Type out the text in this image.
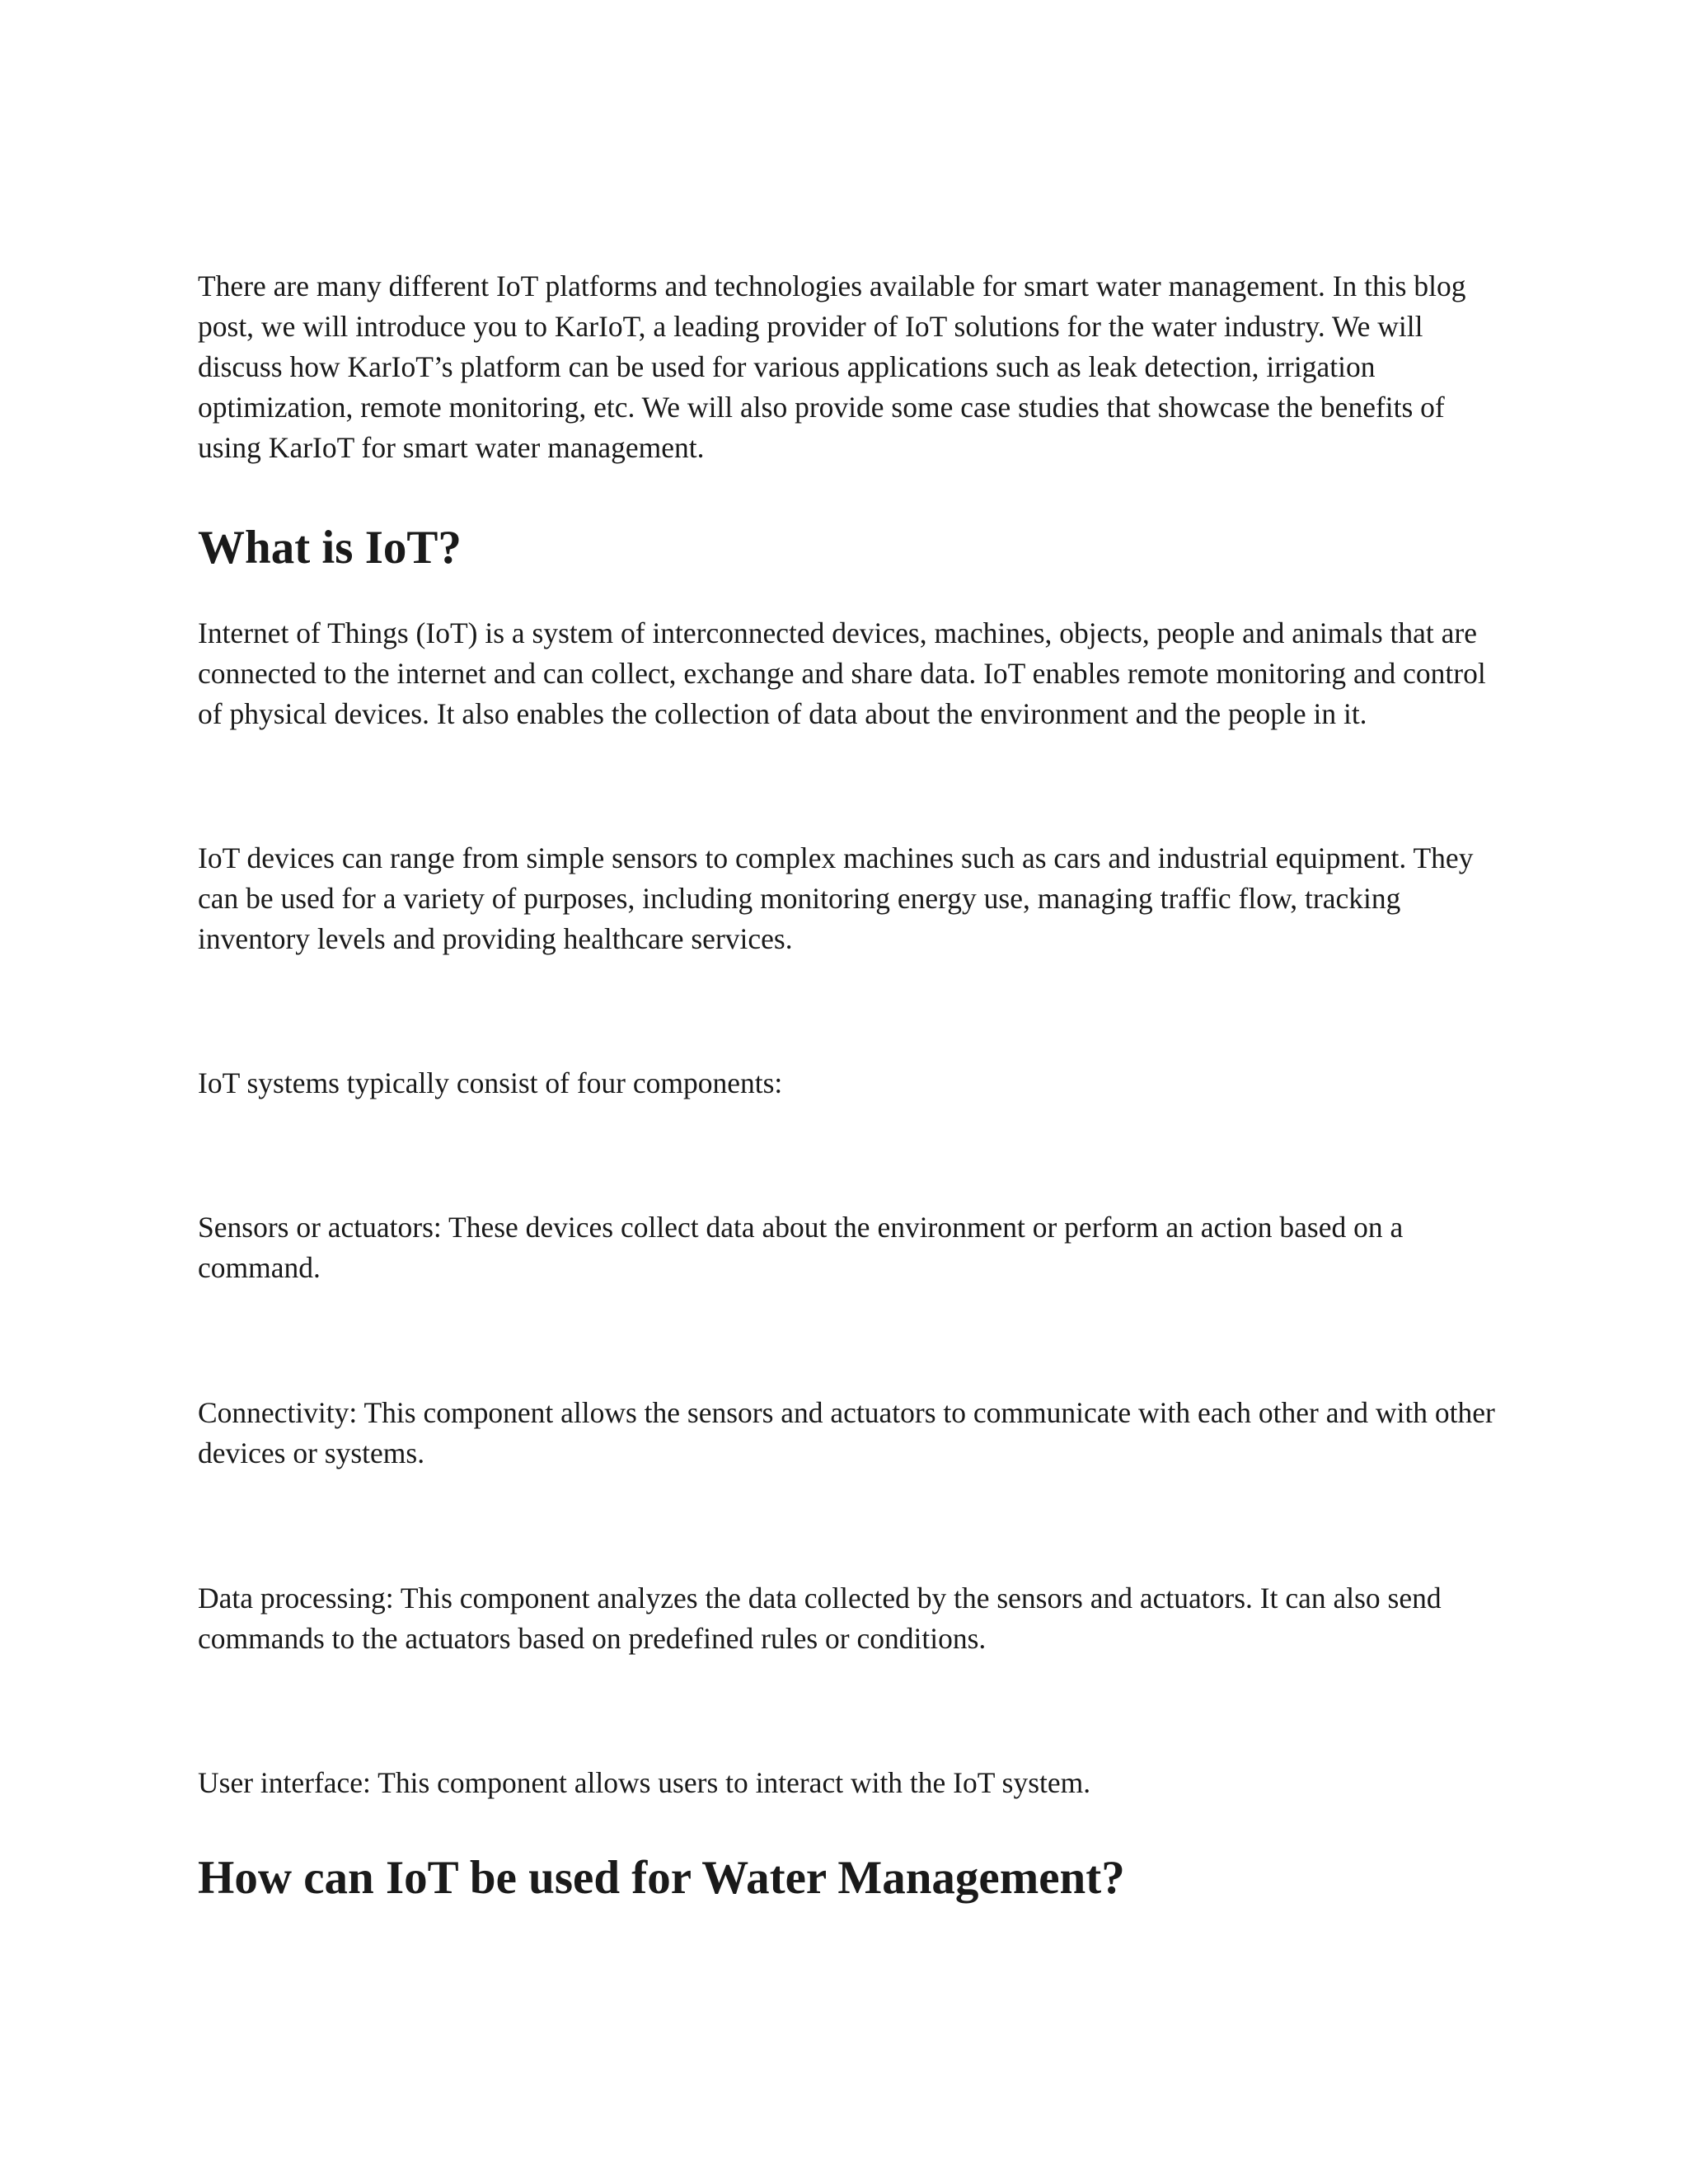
There are many different IoT platforms and technologies available for smart water management. In this blog post, we will introduce you to KarIoT, a leading provider of IoT solutions for the water industry. We will discuss how KarIoT’s platform can be used for various applications such as leak detection, irrigation optimization, remote monitoring, etc. We will also provide some case studies that showcase the benefits of using KarIoT for smart water management.

What is IoT?

Internet of Things (IoT) is a system of interconnected devices, machines, objects, people and animals that are connected to the internet and can collect, exchange and share data. IoT enables remote monitoring and control of physical devices. It also enables the collection of data about the environment and the people in it.

IoT devices can range from simple sensors to complex machines such as cars and industrial equipment. They can be used for a variety of purposes, including monitoring energy use, managing traffic flow, tracking inventory levels and providing healthcare services.

IoT systems typically consist of four components:

Sensors or actuators: These devices collect data about the environment or perform an action based on a command.

Connectivity: This component allows the sensors and actuators to communicate with each other and with other devices or systems.

Data processing: This component analyzes the data collected by the sensors and actuators. It can also send commands to the actuators based on predefined rules or conditions.

User interface: This component allows users to interact with the IoT system.

How can IoT be used for Water Management?
